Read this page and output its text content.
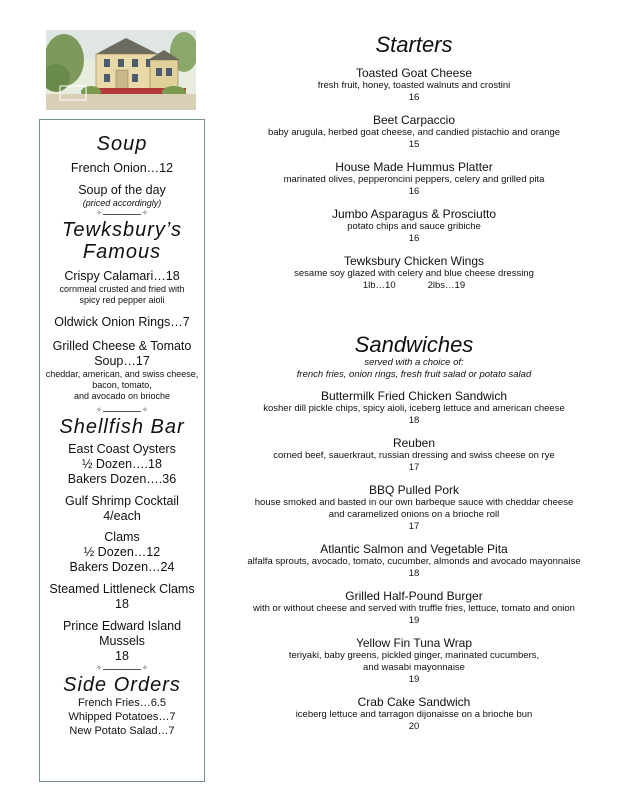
Soup
French Onion…12
Soup of the day
(priced accordingly)
✧	✧
Tewksbury’s
Famous
Crispy Calamari…18
cornmeal crusted and fried with
spicy red pepper aioli
Oldwick Onion Rings…7
Grilled Cheese & Tomato
Soup…17
cheddar, american, and swiss cheese,
bacon, tomato,
and avocado on brioche
✧	✧
Shellfish Bar
East Coast Oysters
½ Dozen….18
Bakers Dozen….36
Gulf Shrimp Cocktail
4/each
Clams
½ Dozen…12
Bakers Dozen…24
Steamed Littleneck Clams
18
Prince Edward Island
Mussels
18
✧	✧
Side Orders
French Fries…6.5
Whipped Potatoes…7
New Potato Salad…7
Starters
Toasted Goat Cheese
fresh fruit, honey, toasted walnuts and crostini
16
Beet Carpaccio
baby arugula, herbed goat cheese, and candied pistachio and orange
15
House Made Hummus Platter
marinated olives, pepperoncini peppers, celery and grilled pita
16
Jumbo Asparagus & Prosciutto
potato chips and sauce gribiche
16
Tewksbury Chicken Wings
sesame soy glazed with celery and blue cheese dressing
1lb…10	2lbs…19
Sandwiches
served with a choice of:
french fries, onion rings, fresh fruit salad or potato salad
Buttermilk Fried Chicken Sandwich
kosher dill pickle chips, spicy aioli, iceberg lettuce and american cheese
18
Reuben
corned beef, sauerkraut, russian dressing and swiss cheese on rye
17
BBQ Pulled Pork
house smoked and basted in our own barbeque sauce with cheddar cheese
and caramelized onions on a brioche roll
17
Atlantic Salmon and Vegetable Pita
alfalfa sprouts, avocado, tomato, cucumber, almonds and avocado mayonnaise
18
Grilled Half-Pound Burger
with or without cheese and served with truffle fries, lettuce, tomato and onion
19
Yellow Fin Tuna Wrap
teriyaki, baby greens, pickled ginger, marinated cucumbers,
and wasabi mayonnaise
19
Crab Cake Sandwich
iceberg lettuce and tarragon dijonaisse on a brioche bun
20
